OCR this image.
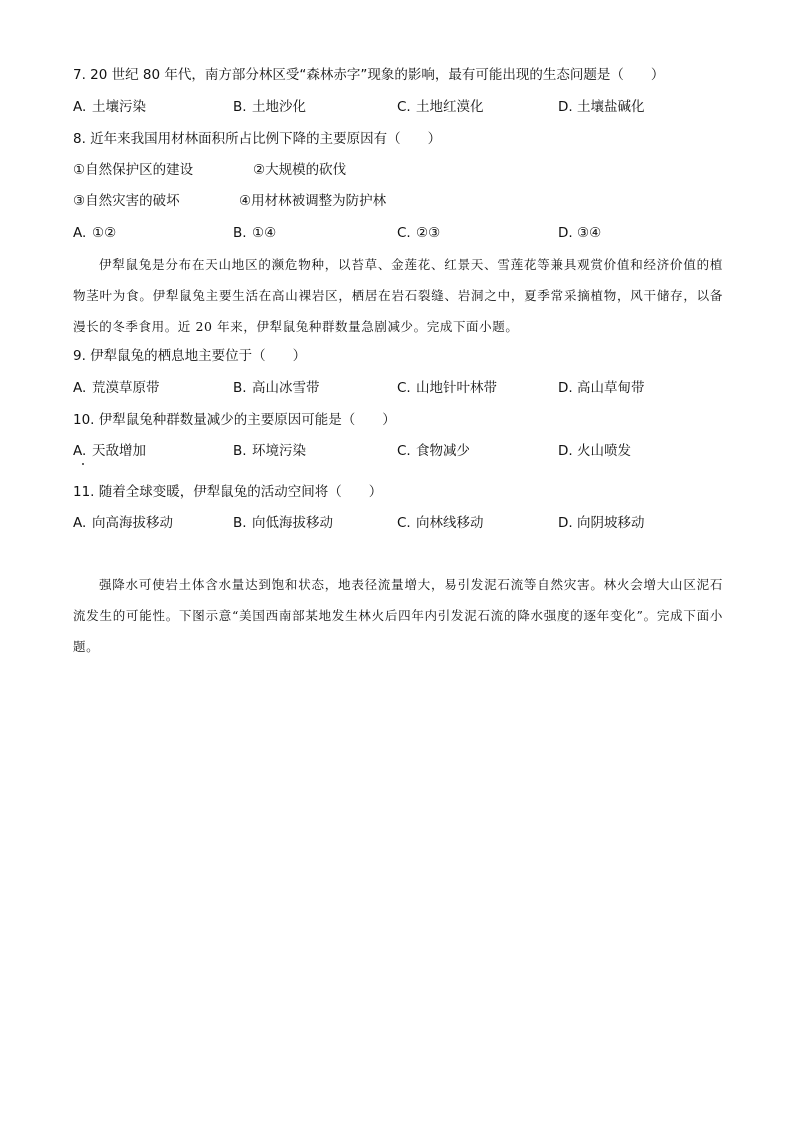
7. 20 世纪 80 年代，南方部分林区受“森林赤字”现象的影响，最有可能出现的生态问题是（　　）
A. 土壤污染	B. 土地沙化	C. 土地红漠化	D. 土壤盐碱化
8. 近年来我国用材林面积所占比例下降的主要原因有（　　）
①自然保护区的建设	②大规模的砍伐
③自然灾害的破坏	④用材林被调整为防护林
A. ①②	B. ①④	C. ②③	D. ③④

伊犁鼠兔是分布在天山地区的濒危物种，以苔草、金莲花、红景天、雪莲花等兼具观赏价值和经济价值的植物茎叶为食。伊犁鼠兔主要生活在高山裸岩区，栖居在岩石裂缝、岩洞之中，夏季常采摘植物，风干储存，以备漫长的冬季食用。近 20 年来，伊犁鼠兔种群数量急剧减少。完成下面小题。

9. 伊犁鼠兔的栖息地主要位于（　　）
A. 荒漠草原带	B. 高山冰雪带	C. 山地针叶林带	D. 高山草甸带
10. 伊犁鼠兔种群数量减少的主要原因可能是（　　）
A. 天敌增加	B. 环境污染	C. 食物减少	D. 火山喷发
11. 随着全球变暖，伊犁鼠兔的活动空间将（　　）
A. 向高海拔移动	B. 向低海拔移动	C. 向林线移动	D. 向阴坡移动

强降水可使岩土体含水量达到饱和状态，地表径流量增大，易引发泥石流等自然灾害。林火会增大山区泥石流发生的可能性。下图示意“美国西南部某地发生林火后四年内引发泥石流的降水强度的逐年变化”。完成下面小题。
